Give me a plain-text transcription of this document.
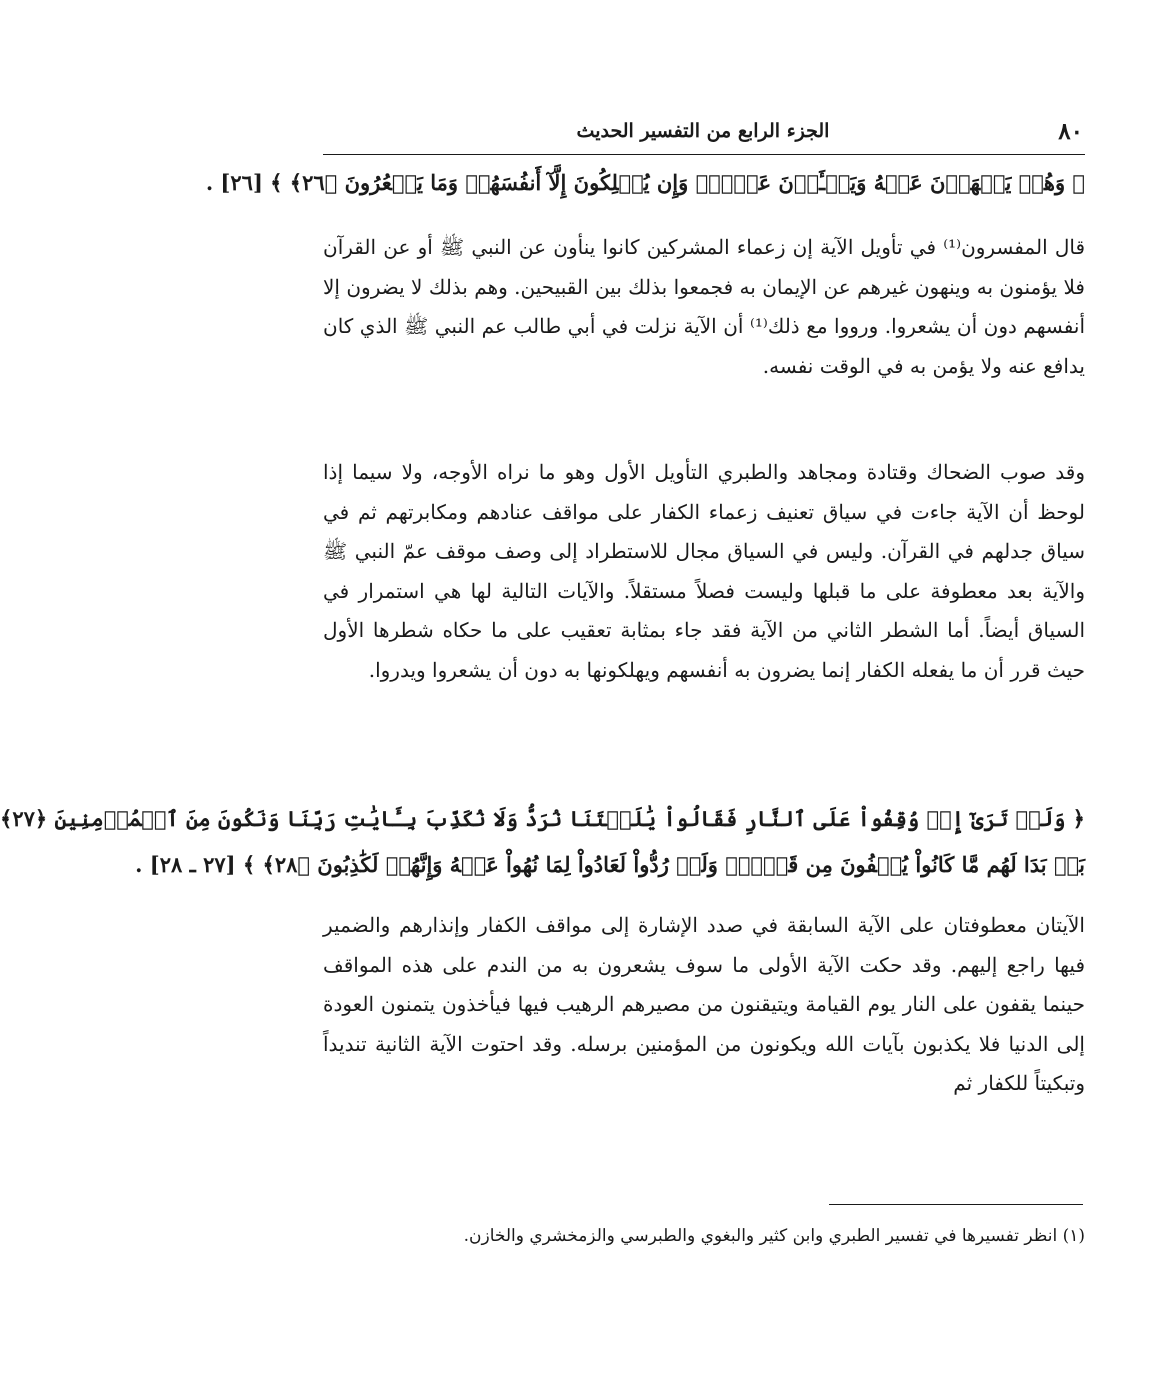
٨٠
الجزء الرابع من التفسير الحديث
﴿ وَهُمۡ يَنۡهَوۡنَ عَنۡهُ وَيَنۡـَٔوۡنَ عَنۡهُۖ وَإِن يُهۡلِكُونَ إِلَّآ أَنفُسَهُمۡ وَمَا يَشۡعُرُونَ ﴿٢٦﴾ ﴾ [٢٦] .

قال المفسرون⁽¹⁾ في تأويل الآية إن زعماء المشركين كانوا ينأون عن النبي ﷺ أو عن القرآن فلا يؤمنون به وينهون غيرهم عن الإيمان به فجمعوا بذلك بين القبيحين. وهم بذلك لا يضرون إلا أنفسهم دون أن يشعروا. ورووا مع ذلك⁽¹⁾ أن الآية نزلت في أبي طالب عم النبي ﷺ الذي كان يدافع عنه ولا يؤمن به في الوقت نفسه.

وقد صوب الضحاك وقتادة ومجاهد والطبري التأويل الأول وهو ما نراه الأوجه، ولا سيما إذا لوحظ أن الآية جاءت في سياق تعنيف زعماء الكفار على مواقف عنادهم ومكابرتهم ثم في سياق جدلهم في القرآن. وليس في السياق مجال للاستطراد إلى وصف موقف عمّ النبي ﷺ والآية بعد معطوفة على ما قبلها وليست فصلاً مستقلاً. والآيات التالية لها هي استمرار في السياق أيضاً. أما الشطر الثاني من الآية فقد جاء بمثابة تعقيب على ما حكاه شطرها الأول حيث قرر أن ما يفعله الكفار إنما يضرون به أنفسهم ويهلكونها به دون أن يشعروا ويدروا.

﴿ وَلَوۡ تَرَىٰٓ إِذۡ وُقِفُواْ عَلَى ٱلنَّارِ فَقَالُواْ يَٰلَيۡتَنَا نُرَدُّ وَلَا نُكَذِّبَ بِـَٔايَٰتِ رَبِّنَا وَنَكُونَ مِنَ ٱلۡمُؤۡمِنِينَ ﴿٢٧﴾
بَلۡ بَدَا لَهُم مَّا كَانُواْ يُخۡفُونَ مِن قَبۡلُۖ وَلَوۡ رُدُّواْ لَعَادُواْ لِمَا نُهُواْ عَنۡهُ وَإِنَّهُمۡ لَكَٰذِبُونَ ﴿٢٨﴾ ﴾ [٢٧ ـ ٢٨] .

الآيتان معطوفتان على الآية السابقة في صدد الإشارة إلى مواقف الكفار وإنذارهم والضمير فيها راجع إليهم. وقد حكت الآية الأولى ما سوف يشعرون به من الندم على هذه المواقف حينما يقفون على النار يوم القيامة ويتيقنون من مصيرهم الرهيب فيها فيأخذون يتمنون العودة إلى الدنيا فلا يكذبون بآيات الله ويكونون من المؤمنين برسله. وقد احتوت الآية الثانية تنديداً وتبكيتاً للكفار ثم

(١) انظر تفسيرها في تفسير الطبري وابن كثير والبغوي والطبرسي والزمخشري والخازن.
